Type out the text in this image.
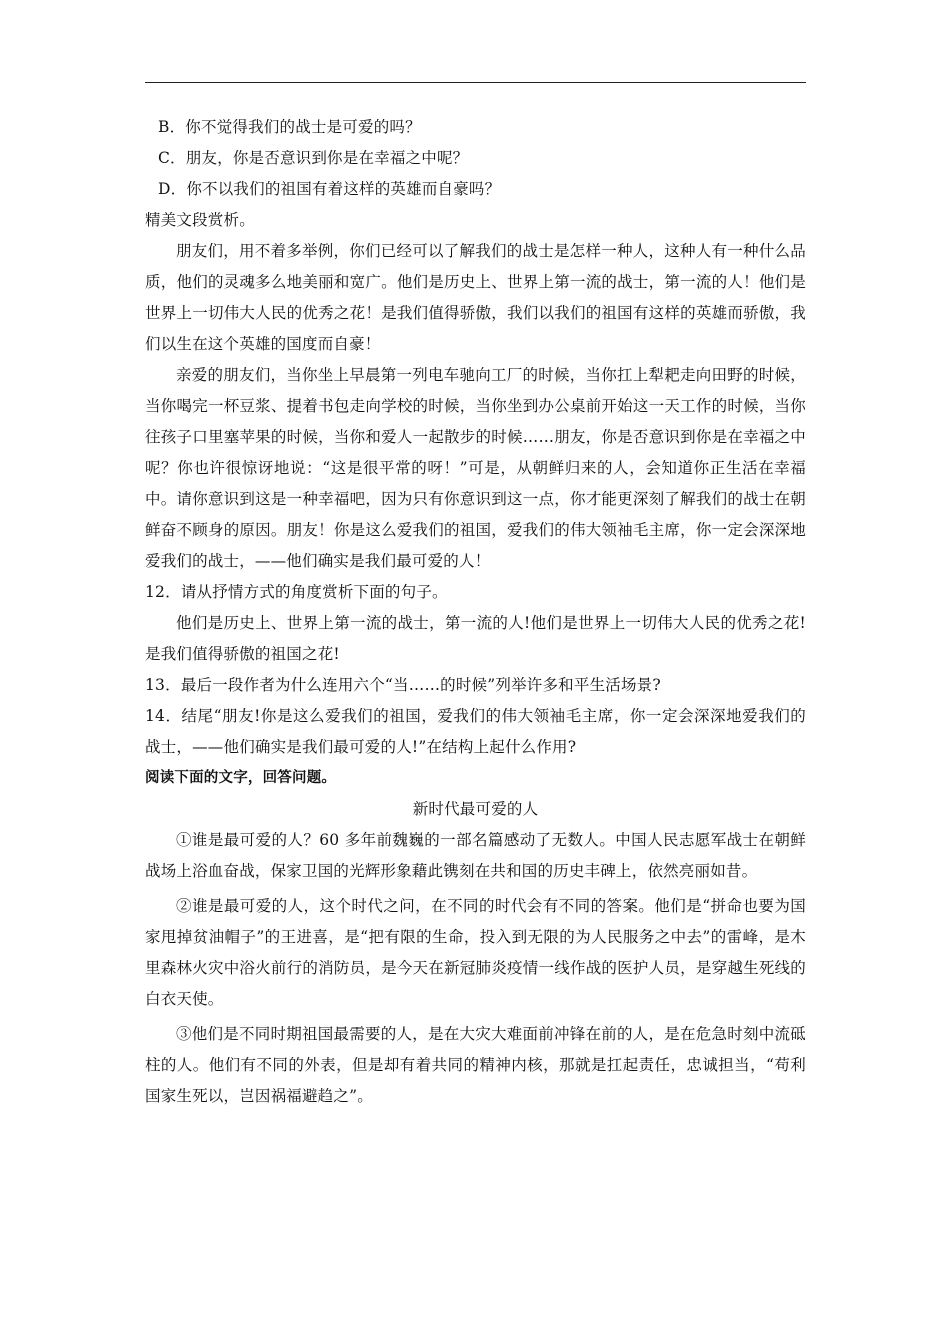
B．你不觉得我们的战士是可爱的吗？

C．朋友，你是否意识到你是在幸福之中呢？

D．你不以我们的祖国有着这样的英雄而自豪吗？

精美文段赏析。

朋友们，用不着多举例，你们已经可以了解我们的战士是怎样一种人，这种人有一种什么品质，他们的灵魂多么地美丽和宽广。他们是历史上、世界上第一流的战士，第一流的人！他们是世界上一切伟大人民的优秀之花！是我们值得骄傲，我们以我们的祖国有这样的英雄而骄傲，我们以生在这个英雄的国度而自豪！

亲爱的朋友们，当你坐上早晨第一列电车驰向工厂的时候，当你扛上犁耙走向田野的时候，当你喝完一杯豆浆、提着书包走向学校的时候，当你坐到办公桌前开始这一天工作的时候，当你往孩子口里塞苹果的时候，当你和爱人一起散步的时候……朋友，你是否意识到你是在幸福之中呢？你也许很惊讶地说：“这是很平常的呀！”可是，从朝鲜归来的人，会知道你正生活在幸福中。请你意识到这是一种幸福吧，因为只有你意识到这一点，你才能更深刻了解我们的战士在朝鲜奋不顾身的原因。朋友！你是这么爱我们的祖国，爱我们的伟大领袖毛主席，你一定会深深地爱我们的战士，——他们确实是我们最可爱的人！

12．请从抒情方式的角度赏析下面的句子。

他们是历史上、世界上第一流的战士，第一流的人!他们是世界上一切伟大人民的优秀之花!是我们值得骄傲的祖国之花!

13．最后一段作者为什么连用六个“当……的时候”列举许多和平生活场景?

14．结尾“朋友!你是这么爱我们的祖国，爱我们的伟大领袖毛主席，你一定会深深地爱我们的战士，——他们确实是我们最可爱的人!”在结构上起什么作用?

阅读下面的文字，回答问题。

新时代最可爱的人

①谁是最可爱的人？60 多年前魏巍的一部名篇感动了无数人。中国人民志愿军战士在朝鲜战场上浴血奋战，保家卫国的光辉形象藉此镌刻在共和国的历史丰碑上，依然亮丽如昔。

②谁是最可爱的人，这个时代之问，在不同的时代会有不同的答案。他们是“拼命也要为国家甩掉贫油帽子”的王进喜，是“把有限的生命，投入到无限的为人民服务之中去”的雷峰，是木里森林火灾中浴火前行的消防员，是今天在新冠肺炎疫情一线作战的医护人员，是穿越生死线的白衣天使。

③他们是不同时期祖国最需要的人，是在大灾大难面前冲锋在前的人，是在危急时刻中流砥柱的人。他们有不同的外表，但是却有着共同的精神内核，那就是扛起责任，忠诚担当，“苟利国家生死以，岂因祸福避趋之”。
